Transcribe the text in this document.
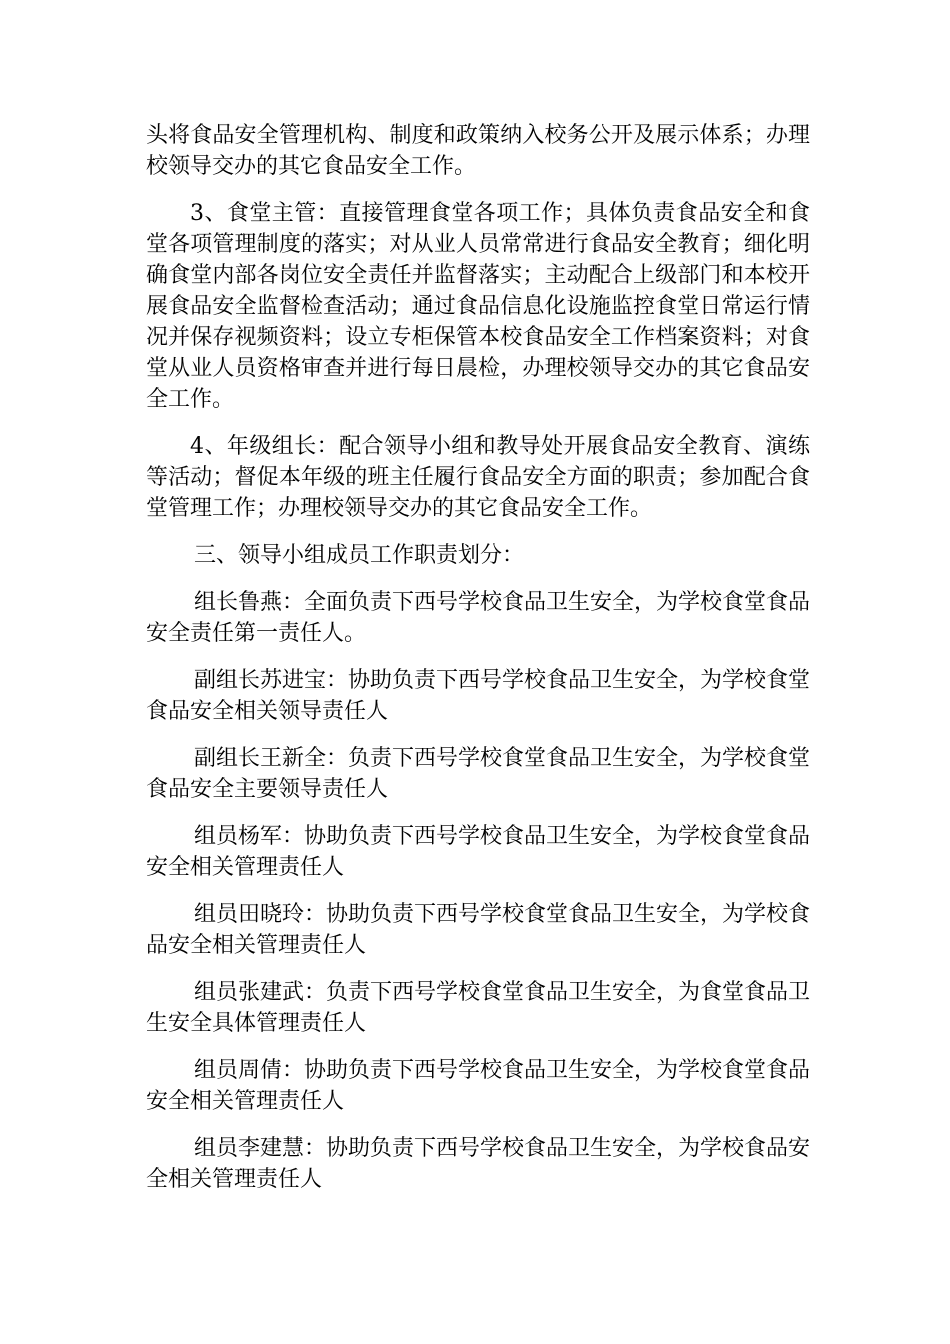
头将食品安全管理机构、制度和政策纳入校务公开及展示体系；办理校领导交办的其它食品安全工作。

3、食堂主管：直接管理食堂各项工作；具体负责食品安全和食堂各项管理制度的落实；对从业人员常常进行食品安全教育；细化明确食堂内部各岗位安全责任并监督落实；主动配合上级部门和本校开展食品安全监督检查活动；通过食品信息化设施监控食堂日常运行情况并保存视频资料；设立专柜保管本校食品安全工作档案资料；对食堂从业人员资格审查并进行每日晨检，办理校领导交办的其它食品安全工作。

4、年级组长：配合领导小组和教导处开展食品安全教育、演练等活动；督促本年级的班主任履行食品安全方面的职责；参加配合食堂管理工作；办理校领导交办的其它食品安全工作。

三、领导小组成员工作职责划分：

组长鲁燕：全面负责下西号学校食品卫生安全，为学校食堂食品安全责任第一责任人。

副组长苏进宝：协助负责下西号学校食品卫生安全，为学校食堂食品安全相关领导责任人

副组长王新全：负责下西号学校食堂食品卫生安全，为学校食堂食品安全主要领导责任人

组员杨军：协助负责下西号学校食品卫生安全，为学校食堂食品安全相关管理责任人

组员田晓玲：协助负责下西号学校食堂食品卫生安全，为学校食品安全相关管理责任人

组员张建武：负责下西号学校食堂食品卫生安全，为食堂食品卫生安全具体管理责任人

组员周倩：协助负责下西号学校食品卫生安全，为学校食堂食品安全相关管理责任人

组员李建慧：协助负责下西号学校食品卫生安全，为学校食品安全相关管理责任人
